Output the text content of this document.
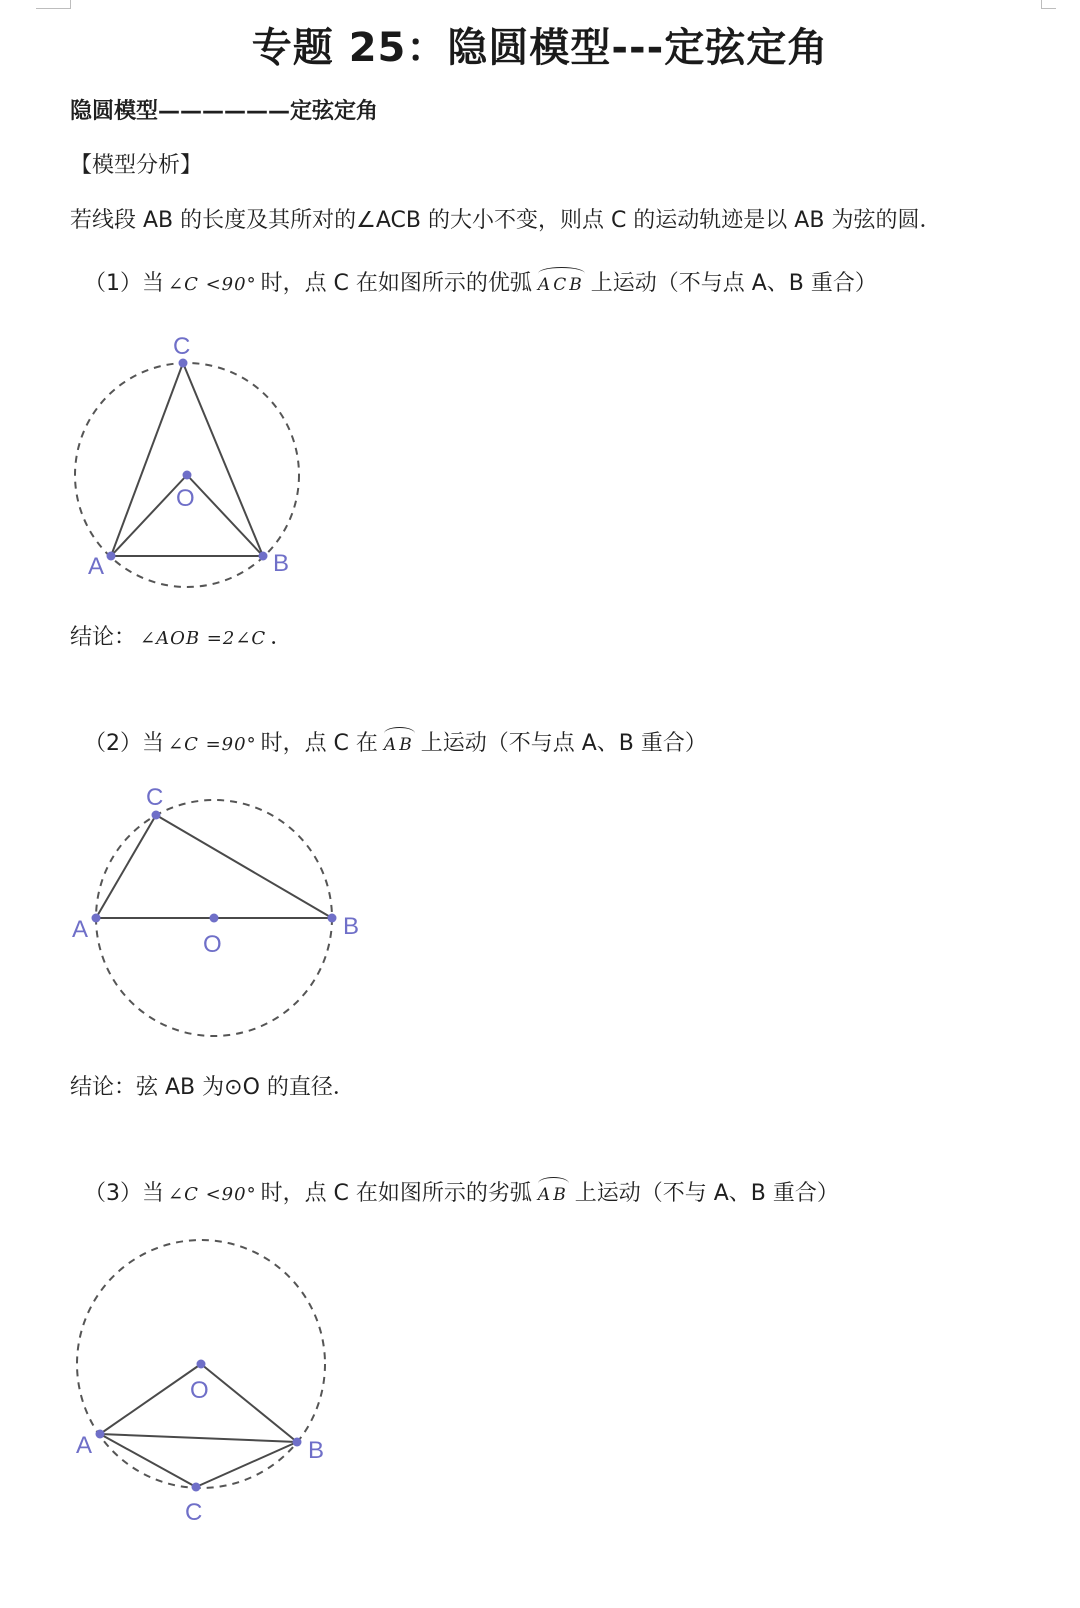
专题 25：隐圆模型---定弦定角
隐圆模型——————定弦定角
【模型分析】
若线段 AB 的长度及其所对的∠ACB 的大小不变，则点 C 的运动轨迹是以 AB 为弦的圆．
（1）当 ∠C <90° 时，点 C 在如图所示的优弧 ACB 上运动（不与点 A、B 重合）
结论： ∠AOB =2∠C ．
（2）当 ∠C =90° 时，点 C 在 AB 上运动（不与点 A、B 重合）
结论：弦 AB 为⊙O 的直径．
（3）当 ∠C <90° 时，点 C 在如图所示的劣弧 AB 上运动（不与 A、B 重合）
A	B
C
O
A	B
C
O
A	B
C
O
